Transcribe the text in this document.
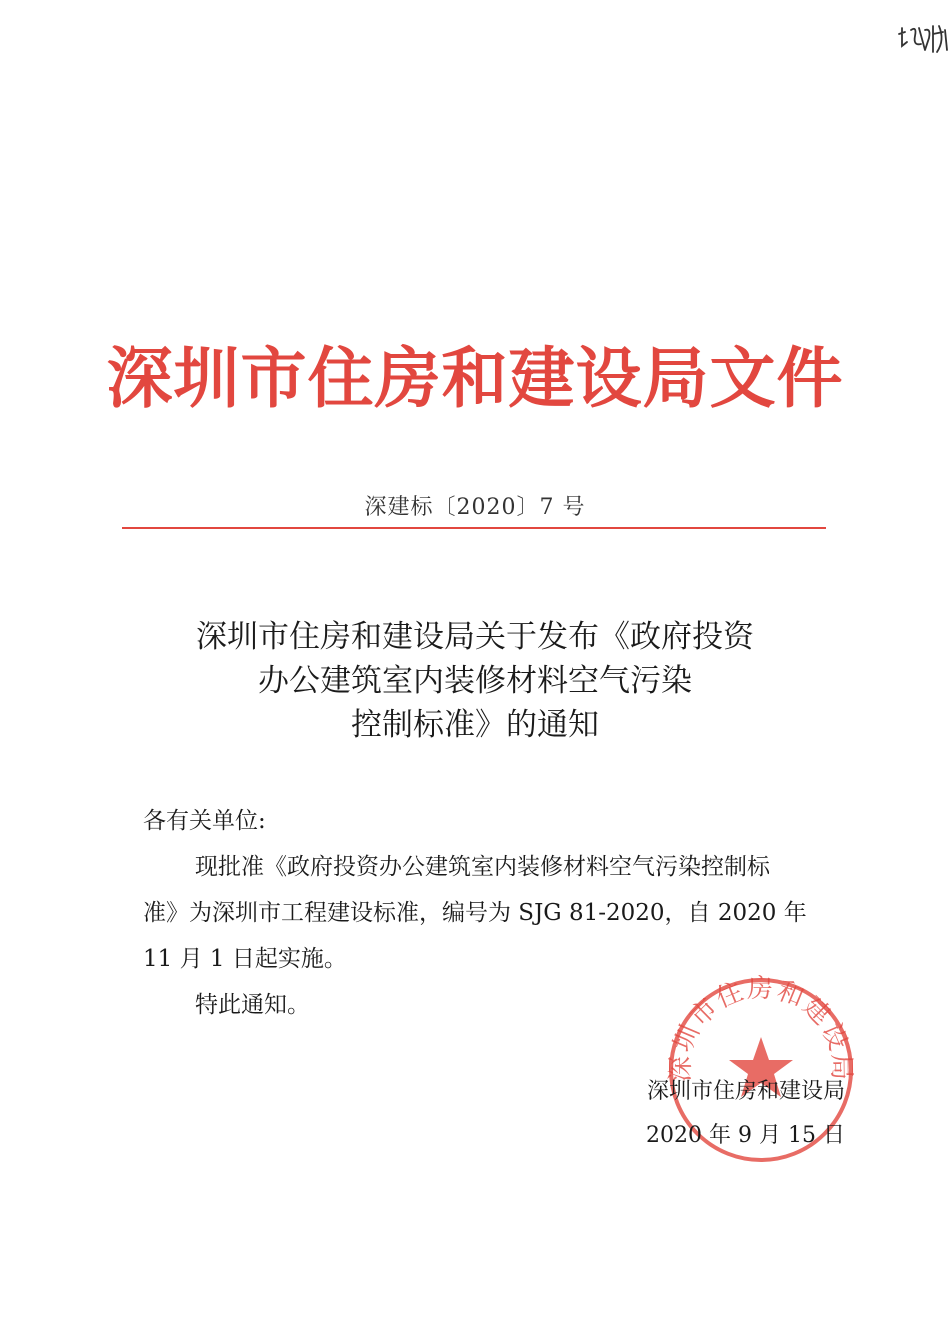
深圳市住房和建设局文件
深建标〔2020〕7 号
深圳市住房和建设局关于发布《政府投资
办公建筑室内装修材料空气污染
控制标准》的通知
各有关单位:
现批准《政府投资办公建筑室内装修材料空气污染控制标
准》为深圳市工程建设标准，编号为 SJG 81-2020，自 2020 年
11 月 1 日起实施。
特此通知。
深圳市住房和建设局
深圳市住房和建设局
2020 年 9 月 15 日
